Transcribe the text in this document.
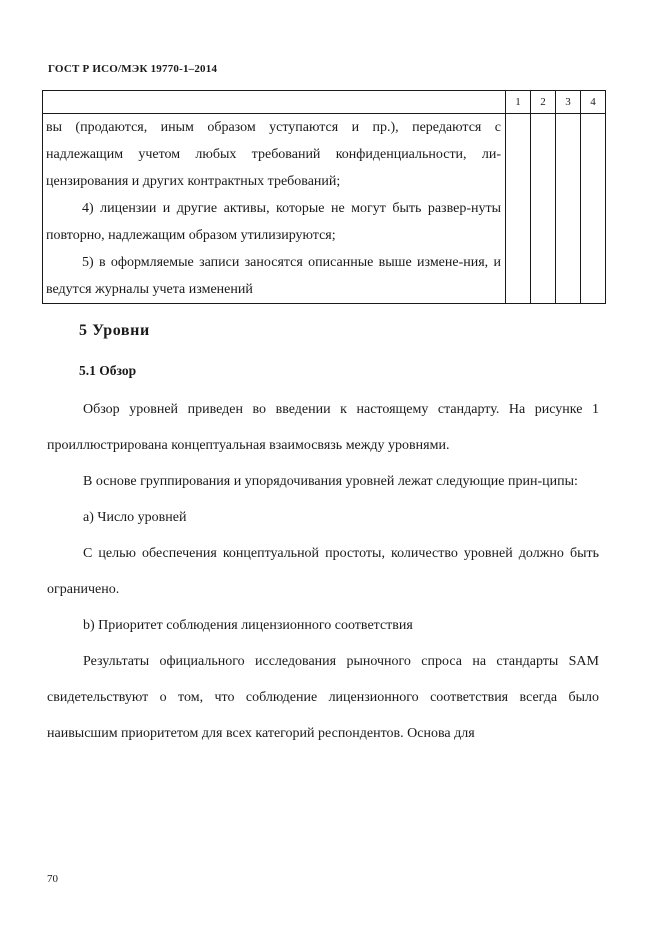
ГОСТ Р ИСО/МЭК 19770-1–2014
	1	2	3	4

вы (продаются, иным образом уступаются и пр.), передаются с надлежащим учетом любых требований конфиденциальности, ли-цензирования и других контрактных требований;
4) лицензии и другие активы, которые не могут быть развер-нуты повторно, надлежащим образом утилизируются;
5) в оформляемые записи заносятся описанные выше измене-ния, и ведутся журналы учета изменений				

5 Уровни
5.1 Обзор

Обзор уровней приведен во введении к настоящему стандарту. На рисунке 1 проиллюстрирована концептуальная взаимосвязь между уровнями.

В основе группирования и упорядочивания уровней лежат следующие прин-ципы:

а) Число уровней

С целью обеспечения концептуальной простоты, количество уровней должно быть ограничено.

b) Приоритет соблюдения лицензионного соответствия

Результаты официального исследования рыночного спроса на стандарты SAM свидетельствуют о том, что соблюдение лицензионного соответствия всегда было наивысшим приоритетом для всех категорий респондентов. Основа для

70
